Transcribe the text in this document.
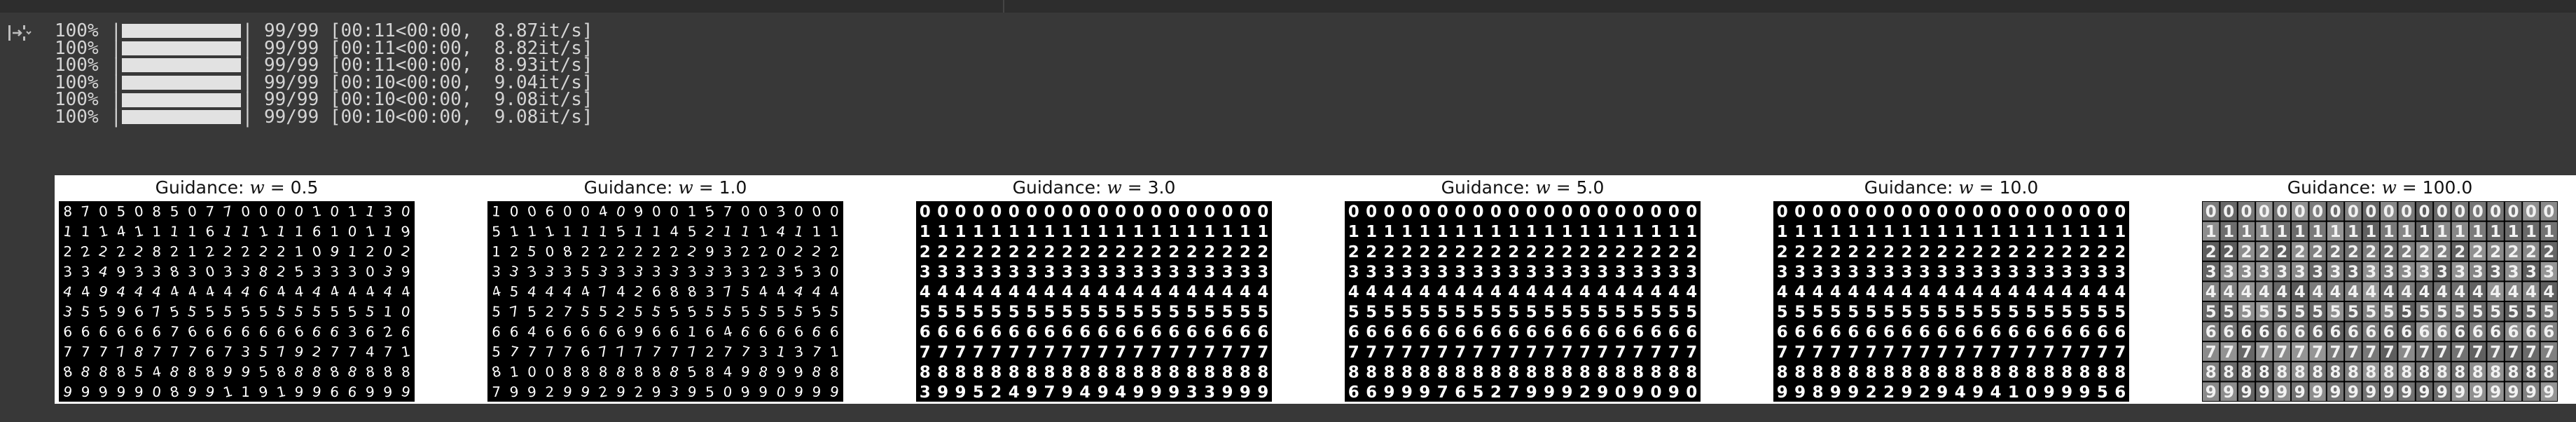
100% |	| 99/99 [00:11<00:00,  8.87it/s]
100% |	| 99/99 [00:11<00:00,  8.82it/s]
100% |	| 99/99 [00:11<00:00,  8.93it/s]
100% |	| 99/99 [00:10<00:00,  9.04it/s]
100% |	| 99/99 [00:10<00:00,  9.08it/s]
100% |	| 99/99 [00:10<00:00,  9.08it/s]
Guidance: w = 0.5
8 7 0 5 0 8 5 0 7 7 0 0 0 0 1 0 1 1 3 0
1 1 1 4 1 1 1 1 6 1 1 1 1 1 6 1 0 1 1 9
2 2 2 2 2 8 2 1 2 2 2 2 2 1 0 9 1 2 0 2
3 3 4 9 3 3 8 3 0 3 3 8 2 5 3 3 3 0 3 9
4 4 9 4 4 4 4 4 4 4 4 6 4 4 4 4 4 4 4 4
3 5 5 9 6 7 5 5 5 5 5 5 5 5 5 5 5 5 1 0
6 6 6 6 6 6 7 6 6 6 6 6 6 6 6 6 3 6 2 6
7 7 7 7 8 7 7 7 6 7 3 5 7 9 2 7 7 4 7 1
8 8 8 8 5 4 8 8 8 9 9 5 8 8 8 8 8 8 8 8
9 9 9 9 9 0 8 9 9 1 1 9 1 9 9 6 6 9 9 9
Guidance: w = 1.0
1 0 0 6 0 0 4 0 9 0 0 1 5 7 0 0 3 0 0 0
5 1 1 1 1 1 1 5 1 1 4 5 2 1 1 1 4 1 1 1
1 2 5 0 8 2 2 2 2 2 2 2 9 3 2 2 0 2 2 2
3 3 3 3 3 5 3 3 3 3 3 3 3 3 3 2 3 5 3 0
4 5 4 4 4 4 7 4 2 6 8 8 3 7 5 4 4 4 4 4
5 7 5 2 7 5 5 2 5 5 5 5 5 5 5 5 5 5 5 5
6 6 4 6 6 6 6 6 9 6 6 1 6 4 6 6 6 6 6 6
5 7 7 7 7 6 7 7 7 7 7 7 2 7 7 3 1 3 7 1
8 1 0 0 8 8 8 8 8 8 8 5 8 4 9 8 9 9 8 8
7 9 9 2 9 9 2 9 2 9 3 9 5 0 9 9 0 9 9 9
Guidance: w = 3.0
0 0 0 0 0 0 0 0 0 0 0 0 0 0 0 0 0 0 0 0
1 1 1 1 1 1 1 1 1 1 1 1 1 1 1 1 1 1 1 1
2 2 2 2 2 2 2 2 2 2 2 2 2 2 2 2 2 2 2 2
3 3 3 3 3 3 3 3 3 3 3 3 3 3 3 3 3 3 3 3
4 4 4 4 4 4 4 4 4 4 4 4 4 4 4 4 4 4 4 4
5 5 5 5 5 5 5 5 5 5 5 5 5 5 5 5 5 5 5 5
6 6 6 6 6 6 6 6 6 6 6 6 6 6 6 6 6 6 6 6
7 7 7 7 7 7 7 7 7 7 7 7 7 7 7 7 7 7 7 7
8 8 8 8 8 8 8 8 8 8 8 8 8 8 8 8 8 8 8 8
3 9 9 5 2 4 9 7 9 4 9 4 9 9 9 3 3 9 9 9
Guidance: w = 5.0
0 0 0 0 0 0 0 0 0 0 0 0 0 0 0 0 0 0 0 0
1 1 1 1 1 1 1 1 1 1 1 1 1 1 1 1 1 1 1 1
2 2 2 2 2 2 2 2 2 2 2 2 2 2 2 2 2 2 2 2
3 3 3 3 3 3 3 3 3 3 3 3 3 3 3 3 3 3 3 3
4 4 4 4 4 4 4 4 4 4 4 4 4 4 4 4 4 4 4 4
5 5 5 5 5 5 5 5 5 5 5 5 5 5 5 5 5 5 5 5
6 6 6 6 6 6 6 6 6 6 6 6 6 6 6 6 6 6 6 6
7 7 7 7 7 7 7 7 7 7 7 7 7 7 7 7 7 7 7 7
8 8 8 8 8 8 8 8 8 8 8 8 8 8 8 8 8 8 8 8
6 6 9 9 9 7 6 5 2 7 9 9 9 2 9 0 9 0 9 0
Guidance: w = 10.0
0 0 0 0 0 0 0 0 0 0 0 0 0 0 0 0 0 0 0 0
1 1 1 1 1 1 1 1 1 1 1 1 1 1 1 1 1 1 1 1
2 2 2 2 2 2 2 2 2 2 2 2 2 2 2 2 2 2 2 2
3 3 3 3 3 3 3 3 3 3 3 3 3 3 3 3 3 3 3 3
4 4 4 4 4 4 4 4 4 4 4 4 4 4 4 4 4 4 4 4
5 5 5 5 5 5 5 5 5 5 5 5 5 5 5 5 5 5 5 5
6 6 6 6 6 6 6 6 6 6 6 6 6 6 6 6 6 6 6 6
7 7 7 7 7 7 7 7 7 7 7 7 7 7 7 7 7 7 7 7
8 8 8 8 8 8 8 8 8 8 8 8 8 8 8 8 8 8 8 8
9 9 8 9 9 2 2 9 2 9 4 9 4 1 0 9 9 9 5 6
Guidance: w = 100.0
0 0 0 0 0 0 0 0 0 0 0 0 0 0 0 0 0 0 0 0
1 1 1 1 1 1 1 1 1 1 1 1 1 1 1 1 1 1 1 1
2 2 2 2 2 2 2 2 2 2 2 2 2 2 2 2 2 2 2 2
3 3 3 3 3 3 3 3 3 3 3 3 3 3 3 3 3 3 3 3
4 4 4 4 4 4 4 4 4 4 4 4 4 4 4 4 4 4 4 4
5 5 5 5 5 5 5 5 5 5 5 5 5 5 5 5 5 5 5 5
6 6 6 6 6 6 6 6 6 6 6 6 6 6 6 6 6 6 6 6
7 7 7 7 7 7 7 7 7 7 7 7 7 7 7 7 7 7 7 7
8 8 8 8 8 8 8 8 8 8 8 8 8 8 8 8 8 8 8 8
9 9 9 9 9 9 9 9 9 9 9 9 9 9 9 9 9 9 9 9
